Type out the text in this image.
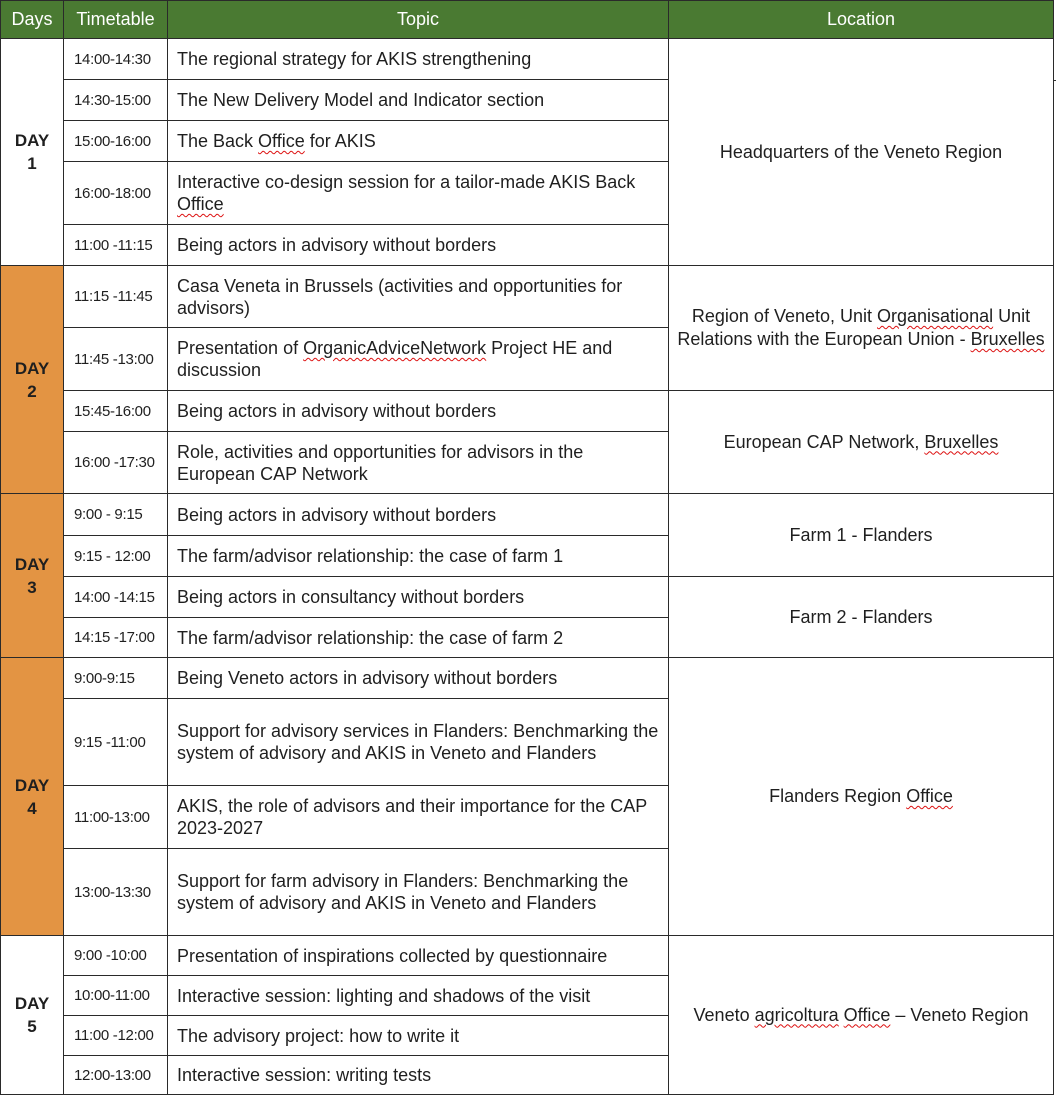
Days	Timetable	Topic	Location
DAY
1	14:00-14:30	The regional strategy for AKIS strengthening	Headquarters of the Veneto Region
	14:30-15:00	The New Delivery Model and Indicator section	
	15:00-16:00	The Back Office for AKIS	
	16:00-18:00	Interactive co-design session for a tailor-made AKIS Back Office	
	11:00 -11:15	Being actors in advisory without borders	
DAY
2	11:15 -11:45	Casa Veneta in Brussels (activities and opportunities for advisors)	Region of Veneto, Unit Organisational Unit Relations with the European Union - Bruxelles
	11:45 -13:00	Presentation of OrganicAdviceNetwork Project HE and discussion	
	15:45-16:00	Being actors in advisory without borders	European CAP Network, Bruxelles
	16:00 -17:30	Role, activities and opportunities for advisors in the European CAP Network	
DAY
3	9:00 - 9:15	Being actors in advisory without borders	Farm 1 - Flanders
	9:15 - 12:00	The farm/advisor relationship: the case of farm 1	
	14:00 -14:15	Being actors in consultancy without borders	Farm 2 - Flanders
	14:15 -17:00	The farm/advisor relationship: the case of farm 2	
DAY
4	9:00-9:15	Being Veneto actors in advisory without borders	Flanders Region Office
	9:15 -11:00	Support for advisory services in Flanders: Benchmarking the system of advisory and AKIS in Veneto and Flanders	
	11:00-13:00	AKIS, the role of advisors and their importance for the CAP 2023-2027	
	13:00-13:30	Support for farm advisory in Flanders: Benchmarking the system of advisory and AKIS in Veneto and Flanders	
DAY
5	9:00 -10:00	Presentation of inspirations collected by questionnaire	Veneto agricoltura Office – Veneto Region
	10:00-11:00	Interactive session: lighting and shadows of the visit	
	11:00 -12:00	The advisory project: how to write it	
	12:00-13:00	Interactive session: writing tests	
